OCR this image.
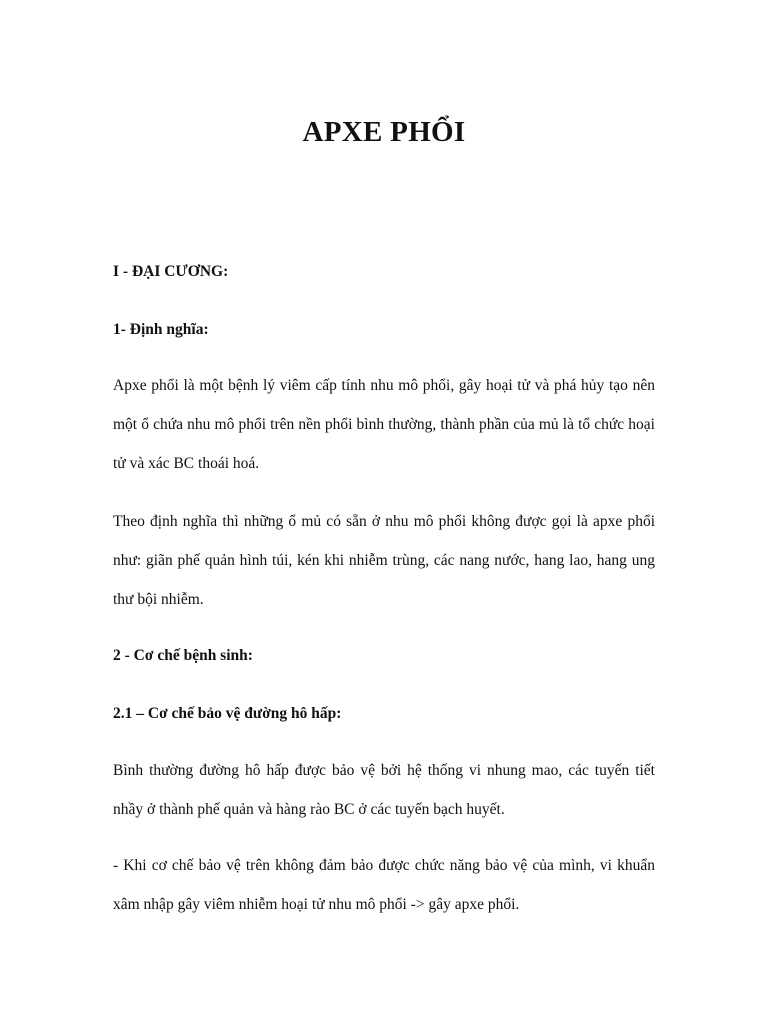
APXE PHỔI
I - ĐẠI CƯƠNG:
1- Định nghĩa:
Apxe phổi là một bệnh lý viêm cấp tính nhu mô phổi, gây hoại tử và phá hủy tạo nên một ổ chứa nhu mô phổi trên nền phổi bình thường, thành phần của mủ là tổ chức hoại tử và xác BC thoái hoá.
Theo định nghĩa thì những ổ mủ có sẵn ở nhu mô phổi không được gọi là apxe phổi như: giãn phế quản hình túi, kén khi nhiễm trùng, các nang nước, hang lao, hang ung thư bội nhiễm.
2 - Cơ chế bệnh sinh:
2.1 – Cơ chế bảo vệ đường hô hấp:
Bình thường đường hô hấp được bảo vệ bởi hệ thống vi nhung mao, các tuyến tiết nhầy ở thành phế quản và hàng rào BC ở các tuyến bạch huyết.
- Khi cơ chế bảo vệ trên không đảm bảo được chức năng bảo vệ của mình, vi khuẩn xâm nhập gây viêm nhiễm hoại tử nhu mô phổi -> gây apxe phổi.
